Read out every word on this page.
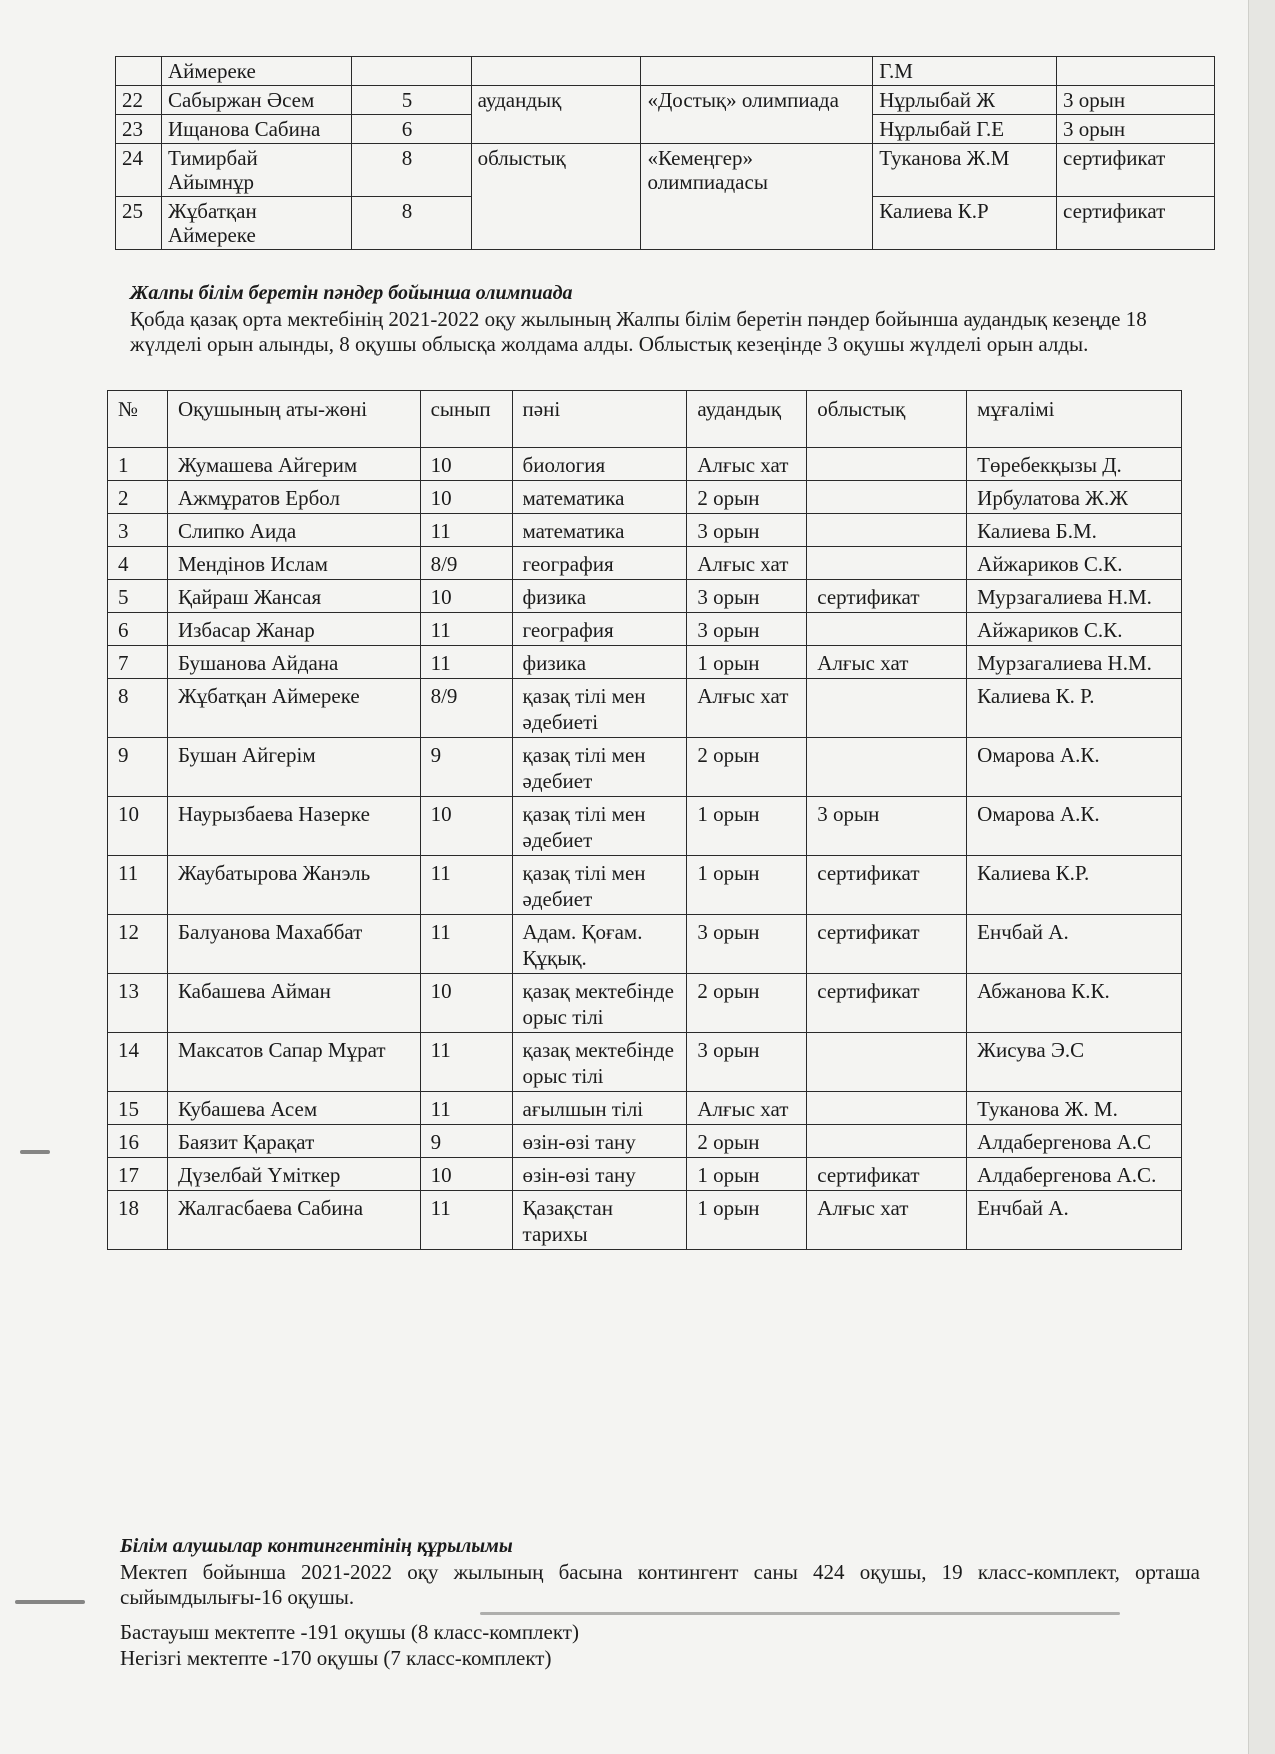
	Аймереке				Г.М	
22	Сабыржан Әсем	5	аудандық	«Достық» олимпиада	Нұрлыбай Ж	3 орын
23	Ищанова Сабина	6			Нұрлыбай Г.Е	3 орын
24	Тимирбай Айымнұр	8	облыстық	«Кемеңгер» олимпиадасы	Туканова Ж.М	сертификат
25	Жұбатқан Аймереке	8			Калиева К.Р	сертификат
Жалпы білім беретін пәндер бойынша олимпиада
Қобда қазақ орта мектебінің 2021-2022 оқу жылының Жалпы білім беретін пәндер бойынша аудандық кезеңде 18 жүлделі орын алынды, 8 оқушы облысқа жолдама алды. Облыстық кезеңінде 3 оқушы жүлделі орын алды.
№	Оқушының аты-жөні	сынып	пәні	аудандық	облыстық	мұғалімі
1	Жумашева Айгерим	10	биология	Алғыс хат		Төребекқызы Д.
2	Ажмұратов Ербол	10	математика	2 орын		Ирбулатова Ж.Ж
3	Слипко Аида	11	математика	3 орын		Калиева Б.М.
4	Мендінов Ислам	8/9	география	Алғыс хат		Айжариков С.К.
5	Қайраш Жансая	10	физика	3 орын	сертификат	Мурзагалиева Н.М.
6	Избасар Жанар	11	география	3 орын		Айжариков С.К.
7	Бушанова Айдана	11	физика	1 орын	Алғыс хат	Мурзагалиева Н.М.
8	Жұбатқан Аймереке	8/9	қазақ тілі мен әдебиеті	Алғыс хат		Калиева К. Р.
9	Бушан Айгерім	9	қазақ тілі мен әдебиет	2 орын		Омарова А.К.
10	Наурызбаева Назерке	10	қазақ тілі мен әдебиет	1 орын	3 орын	Омарова А.К.
11	Жаубатырова Жанэль	11	қазақ тілі мен әдебиет	1 орын	сертификат	Калиева К.Р.
12	Балуанова Махаббат	11	Адам. Қоғам. Құқық.	3 орын	сертификат	Енчбай А.
13	Кабашева Айман	10	қазақ мектебінде орыс тілі	2 орын	сертификат	Абжанова К.К.
14	Максатов Сапар Мұрат	11	қазақ мектебінде орыс тілі	3 орын		Жисува Э.С
15	Кубашева Асем	11	ағылшын тілі	Алғыс хат		Туканова Ж. М.
16	Баязит Қарақат	9	өзін-өзі тану	2 орын		Алдабергенова А.С
17	Дүзелбай Үміткер	10	өзін-өзі тану	1 орын	сертификат	Алдабергенова А.С.
18	Жалгасбаева Сабина	11	Қазақстан тарихы	1 орын	Алғыс хат	Енчбай А.
Білім алушылар контингентінің құрылымы
Мектеп бойынша 2021-2022 оқу жылының басына контингент саны 424 оқушы, 19 класс-комплект, орташа сыйымдылығы-16 оқушы.
Бастауыш мектепте -191 оқушы (8 класс-комплект)
Негізгі мектепте -170 оқушы (7 класс-комплект)
